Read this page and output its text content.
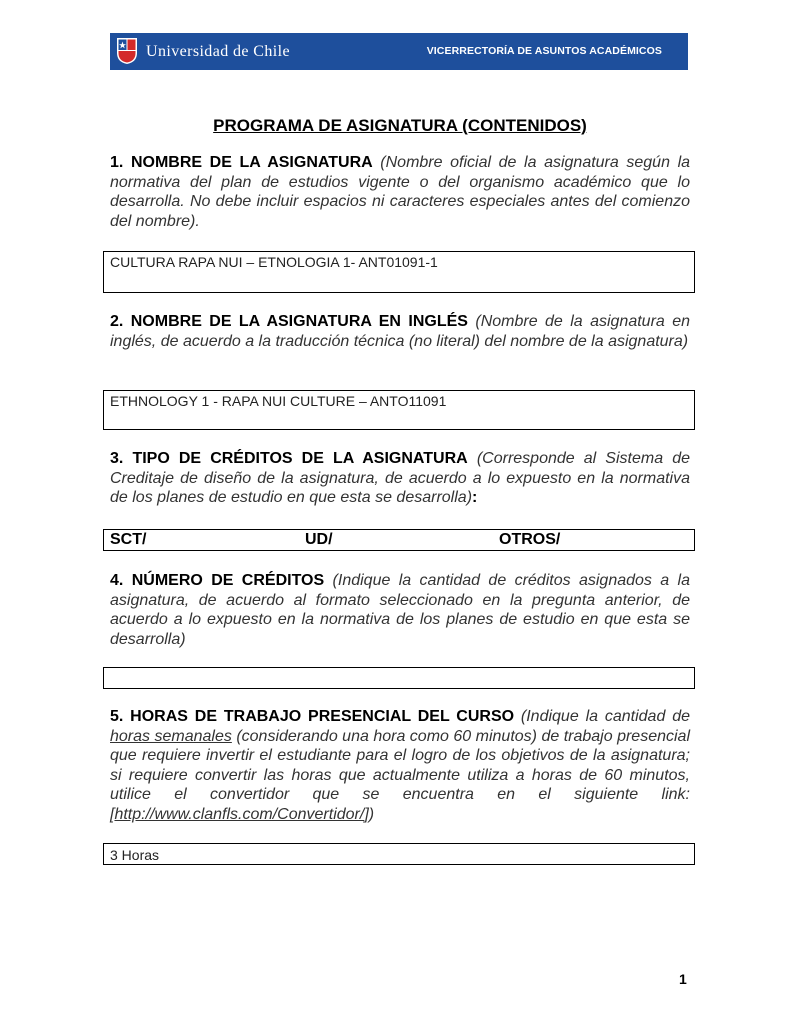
Universidad de Chile	VICERRECTORÍA DE ASUNTOS ACADÉMICOS
PROGRAMA DE ASIGNATURA (CONTENIDOS)
1. NOMBRE DE LA ASIGNATURA (Nombre oficial de la asignatura según la normativa del plan de estudios vigente o del organismo académico que lo desarrolla. No debe incluir espacios ni caracteres especiales antes del comienzo del nombre).
CULTURA RAPA NUI – ETNOLOGIA 1- ANT01091-1
2. NOMBRE DE LA ASIGNATURA EN INGLÉS (Nombre de la asignatura en inglés, de acuerdo a la traducción técnica (no literal) del nombre de la asignatura)
ETHNOLOGY 1 - RAPA NUI CULTURE – ANTO11091
3. TIPO DE CRÉDITOS DE LA ASIGNATURA (Corresponde al Sistema de Creditaje de diseño de la asignatura, de acuerdo a lo expuesto en la normativa de los planes de estudio en que esta se desarrolla):
SCT/	UD/	OTROS/
4. NÚMERO DE CRÉDITOS (Indique la cantidad de créditos asignados a la asignatura, de acuerdo al formato seleccionado en la pregunta anterior, de acuerdo a lo expuesto en la normativa de los planes de estudio en que esta se desarrolla)
5. HORAS DE TRABAJO PRESENCIAL DEL CURSO (Indique la cantidad de horas semanales (considerando una hora como 60 minutos) de trabajo presencial que requiere invertir el estudiante para el logro de los objetivos de la asignatura; si requiere convertir las horas que actualmente utiliza a horas de 60 minutos, utilice el convertidor que se encuentra en el siguiente link: [http://www.clanfls.com/Convertidor/])
3 Horas
1
